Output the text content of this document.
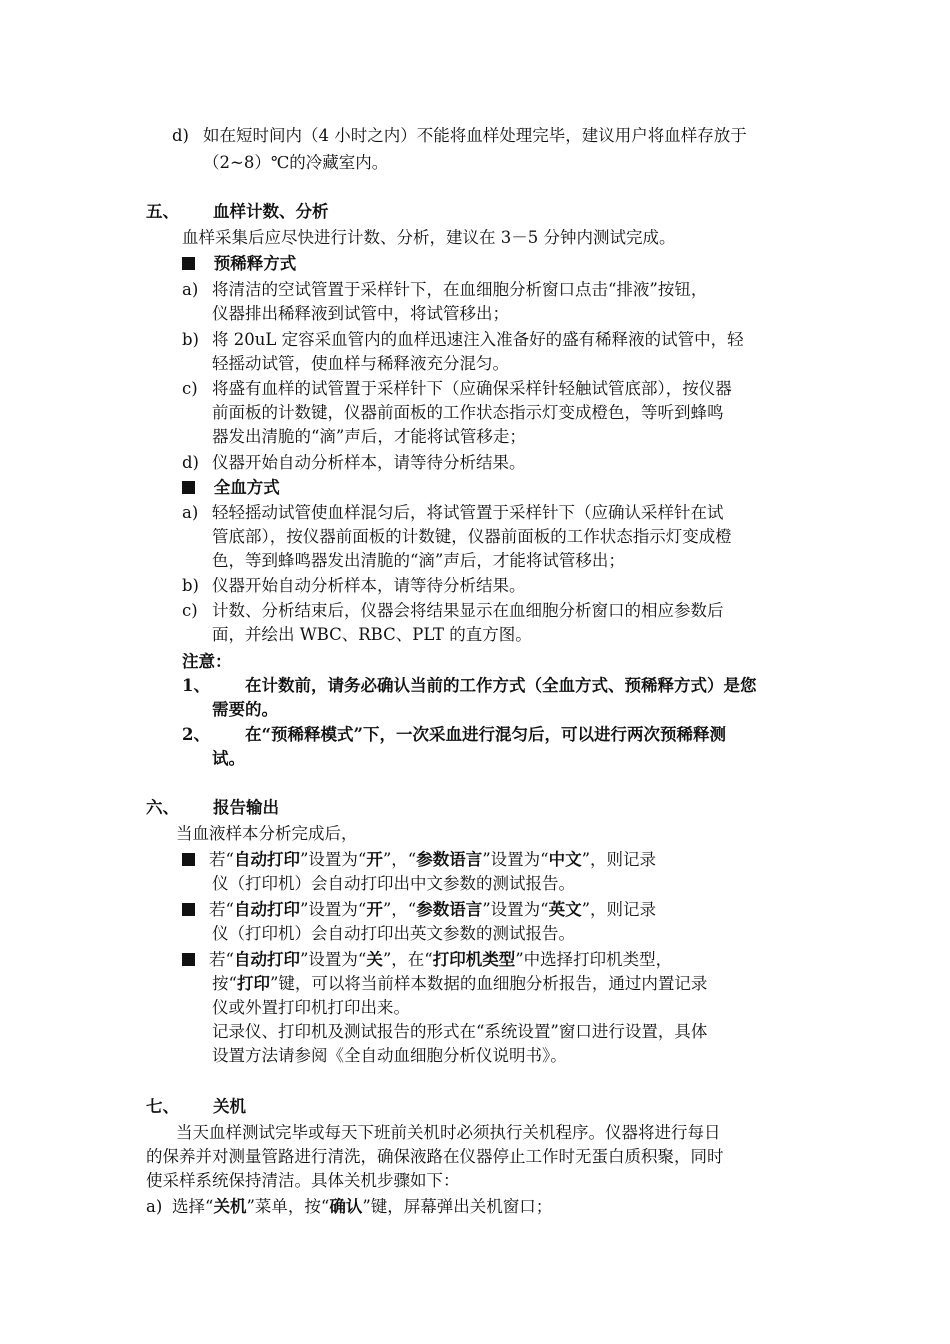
d) 如在短时间内（4 小时之内）不能将血样处理完毕，建议用户将血样存放于
（2~8）℃的冷藏室内。
五、 血样计数、分析
血样采集后应尽快进行计数、分析，建议在 3－5 分钟内测试完成。
预稀释方式
a) 将清洁的空试管置于采样针下，在血细胞分析窗口点击“排液”按钮，
仪器排出稀释液到试管中，将试管移出；
b) 将 20uL 定容采血管内的血样迅速注入准备好的盛有稀释液的试管中，轻
轻摇动试管，使血样与稀释液充分混匀。
c) 将盛有血样的试管置于采样针下（应确保采样针轻触试管底部），按仪器
前面板的计数键，仪器前面板的工作状态指示灯变成橙色，等听到蜂鸣
器发出清脆的“滴”声后，才能将试管移走；
d) 仪器开始自动分析样本，请等待分析结果。
全血方式
a) 轻轻摇动试管使血样混匀后，将试管置于采样针下（应确认采样针在试
管底部），按仪器前面板的计数键，仪器前面板的工作状态指示灯变成橙
色，等到蜂鸣器发出清脆的“滴”声后，才能将试管移出；
b) 仪器开始自动分析样本，请等待分析结果。
c) 计数、分析结束后，仪器会将结果显示在血细胞分析窗口的相应参数后
面，并绘出 WBC、RBC、PLT 的直方图。
注意：
1、 在计数前，请务必确认当前的工作方式（全血方式、预稀释方式）是您
需要的。
2、 在“预稀释模式”下，一次采血进行混匀后，可以进行两次预稀释测
试。
六、 报告输出
当血液样本分析完成后，
若“自动打印”设置为“开”，“参数语言”设置为“中文”，则记录
仪（打印机）会自动打印出中文参数的测试报告。
若“自动打印”设置为“开”，“参数语言”设置为“英文”，则记录
仪（打印机）会自动打印出英文参数的测试报告。
若“自动打印”设置为“关”，在“打印机类型”中选择打印机类型，
按“打印”键，可以将当前样本数据的血细胞分析报告，通过内置记录
仪或外置打印机打印出来。
记录仪、打印机及测试报告的形式在“系统设置”窗口进行设置，具体
设置方法请参阅《全自动血细胞分析仪说明书》。
七、 关机
当天血样测试完毕或每天下班前关机时必须执行关机程序。仪器将进行每日
的保养并对测量管路进行清洗，确保液路在仪器停止工作时无蛋白质积聚，同时
使采样系统保持清洁。具体关机步骤如下：
a) 选择“关机”菜单，按“确认”键，屏幕弹出关机窗口；
